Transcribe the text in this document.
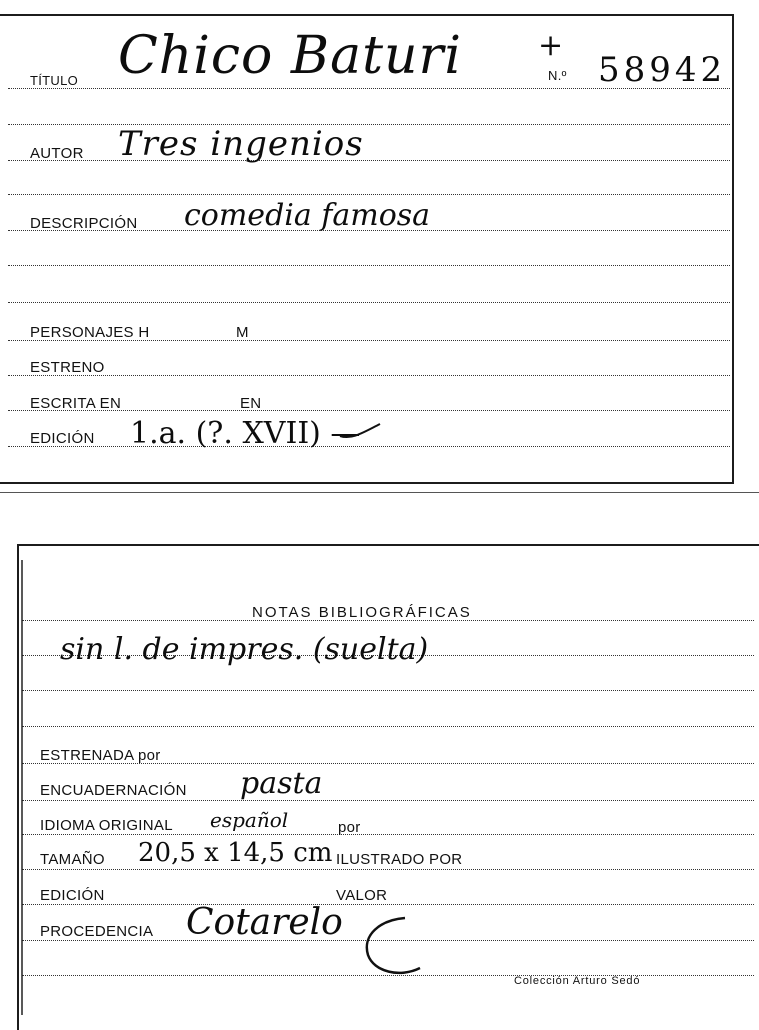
TÍTULO Chico Baturi	+
N.º 58942
AUTOR Tres ingenios
DESCRIPCIÓN comedia famosa
PERSONAJES H	M
ESTRENO
ESCRITA EN	EN
EDICIÓN 1.a. (?. XVII) —
NOTAS BIBLIOGRÁFICAS
sin l. de impres. (suelta)
ESTRENADA por
ENCUADERNACIÓN pasta
IDIOMA ORIGINAL español	por
TAMAÑO 20,5 x 14,5 cm ILUSTRADO POR
EDICIÓN	VALOR
PROCEDENCIA Cotarelo
Colección Arturo Sedó
